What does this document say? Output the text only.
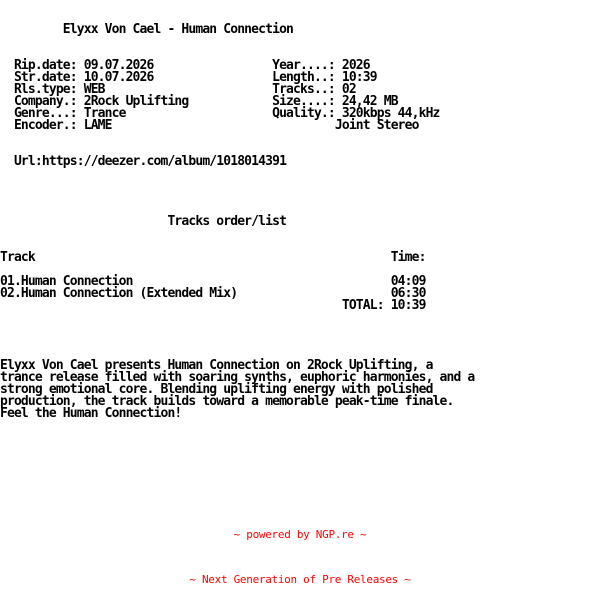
Elyxx Von Cael - Human Connection

Rip.date: 09.07.2026                 Year....: 2026
Str.date: 10.07.2026                 Length..: 10:39
Rls.type: WEB                        Tracks..: 02
Company.: 2Rock Uplifting            Size....: 24,42 MB
Genre...: Trance                     Quality.: 320kbps 44,kHz
Encoder.: LAME                                Joint Stereo

Url:https://deezer.com/album/1018014391

Tracks order/list

Track                                                   Time:

01.Human Connection                                     04:09
02.Human Connection (Extended Mix)                      06:30
TOTAL: 10:39

Elyxx Von Cael presents Human Connection on 2Rock Uplifting, a
trance release filled with soaring synths, euphoric harmonies, and a
strong emotional core. Blending uplifting energy with polished
production, the track builds toward a memorable peak-time finale.
Feel the Human Connection!

~ powered by NGP.re ~

~ Next Generation of Pre Releases ~
